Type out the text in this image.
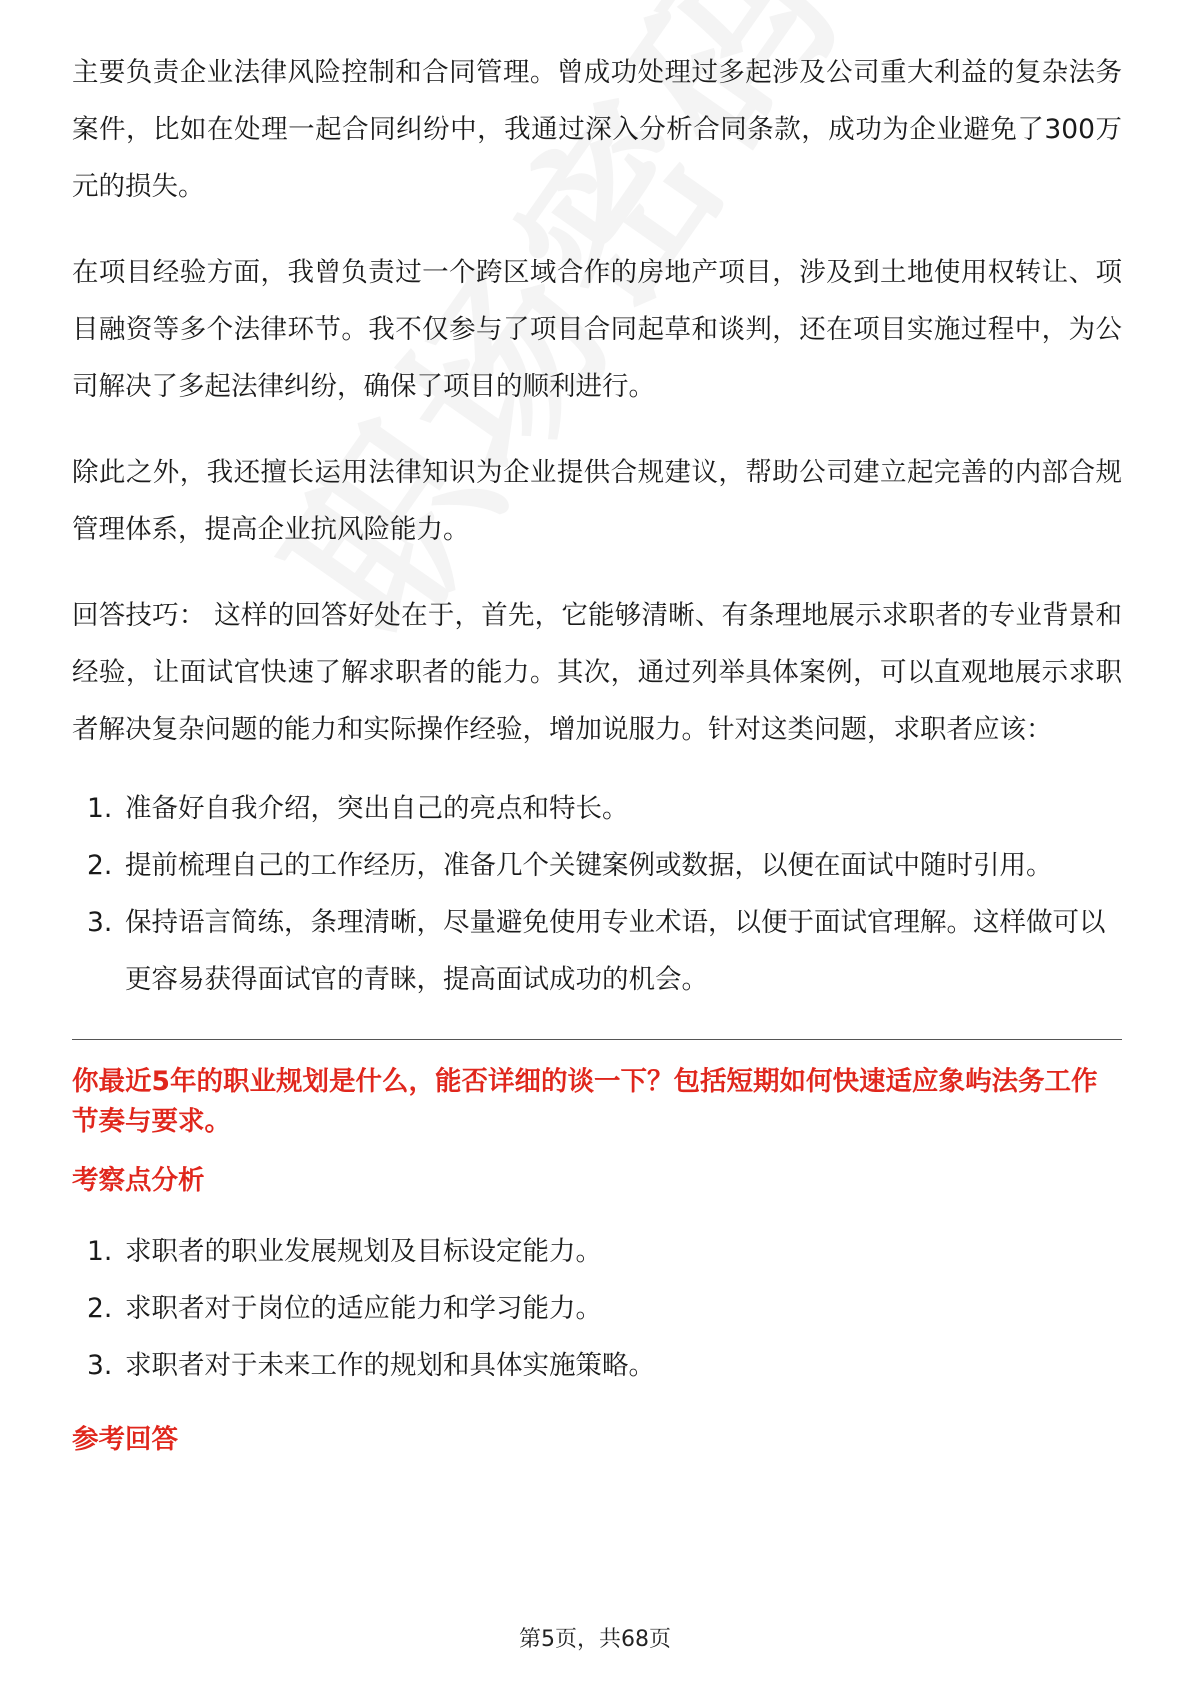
主要负责企业法律风险控制和合同管理。曾成功处理过多起涉及公司重大利益的复杂法务案件，比如在处理一起合同纠纷中，我通过深入分析合同条款，成功为企业避免了300万元的损失。

在项目经验方面，我曾负责过一个跨区域合作的房地产项目，涉及到土地使用权转让、项目融资等多个法律环节。我不仅参与了项目合同起草和谈判，还在项目实施过程中，为公司解决了多起法律纠纷，确保了项目的顺利进行。

除此之外，我还擅长运用法律知识为企业提供合规建议，帮助公司建立起完善的内部合规管理体系，提高企业抗风险能力。

回答技巧： 这样的回答好处在于，首先，它能够清晰、有条理地展示求职者的专业背景和经验，让面试官快速了解求职者的能力。其次，通过列举具体案例，可以直观地展示求职者解决复杂问题的能力和实际操作经验，增加说服力。针对这类问题，求职者应该：

1. 准备好自我介绍，突出自己的亮点和特长。
2. 提前梳理自己的工作经历，准备几个关键案例或数据，以便在面试中随时引用。
3. 保持语言简练，条理清晰，尽量避免使用专业术语，以便于面试官理解。这样做可以更容易获得面试官的青睐，提高面试成功的机会。
你最近5年的职业规划是什么，能否详细的谈一下？包括短期如何快速适应象屿法务工作节奏与要求。
考察点分析
1. 求职者的职业发展规划及目标设定能力。
2. 求职者对于岗位的适应能力和学习能力。
3. 求职者对于未来工作的规划和具体实施策略。
参考回答
第5页，共68页
